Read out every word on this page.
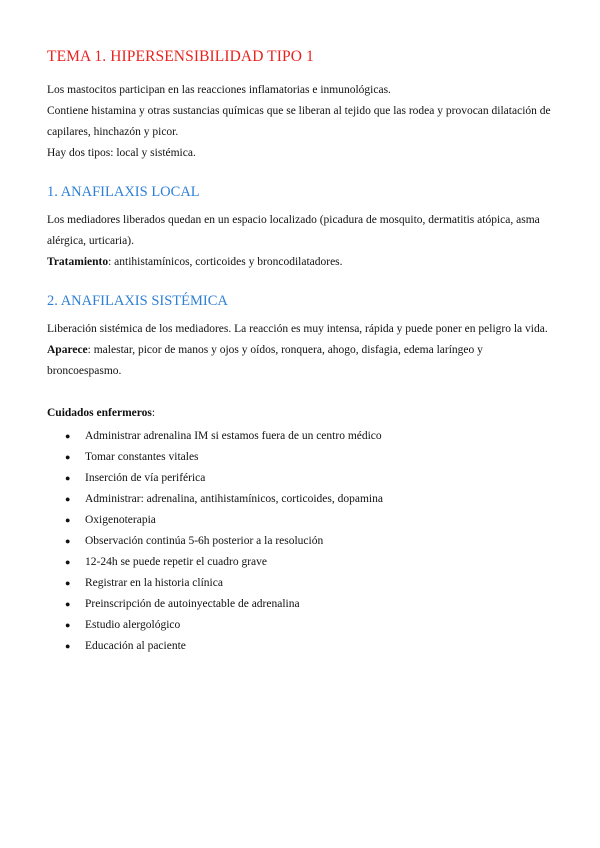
TEMA 1. HIPERSENSIBILIDAD TIPO 1

Los mastocitos participan en las reacciones inflamatorias e inmunológicas.

Contiene histamina y otras sustancias químicas que se liberan al tejido que las rodea y provocan dilatación de capilares, hinchazón y picor.

Hay dos tipos: local y sistémica.

1. ANAFILAXIS LOCAL

Los mediadores liberados quedan en un espacio localizado (picadura de mosquito, dermatitis atópica, asma alérgica, urticaria).

Tratamiento: antihistamínicos, corticoides y broncodilatadores.

2. ANAFILAXIS SISTÉMICA

Liberación sistémica de los mediadores. La reacción es muy intensa, rápida y puede poner en peligro la vida.

Aparece: malestar, picor de manos y ojos y oídos, ronquera, ahogo, disfagia, edema laríngeo y broncoespasmo.

Cuidados enfermeros:

● Administrar adrenalina IM si estamos fuera de un centro médico
● Tomar constantes vitales
● Inserción de vía periférica
● Administrar: adrenalina, antihistamínicos, corticoides, dopamina
● Oxigenoterapia
● Observación continúa 5-6h posterior a la resolución
● 12-24h se puede repetir el cuadro grave
● Registrar en la historia clínica
● Preinscripción de autoinyectable de adrenalina
● Estudio alergológico
● Educación al paciente
